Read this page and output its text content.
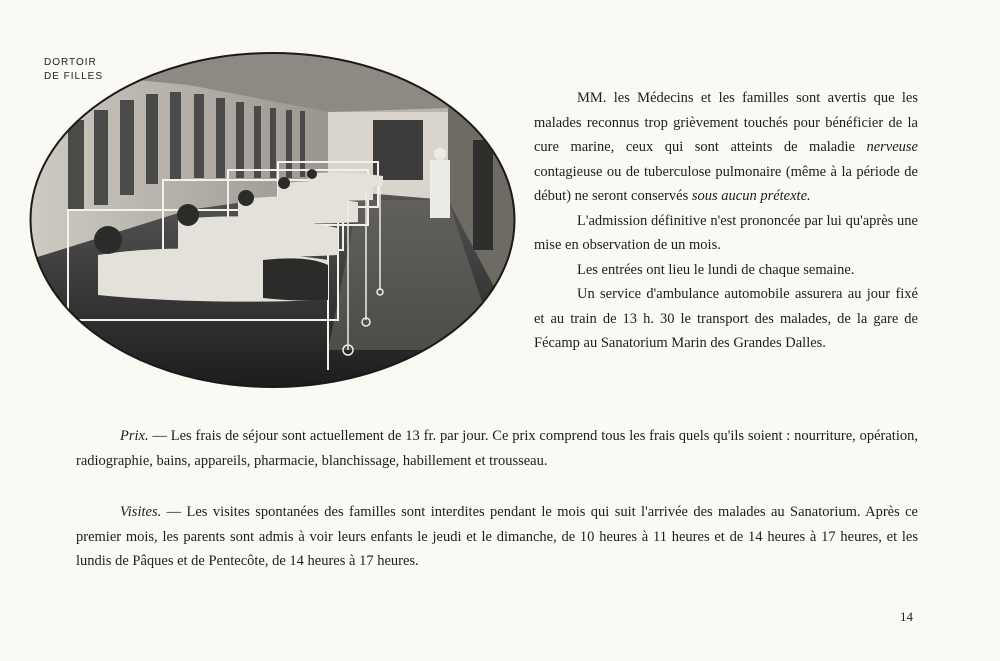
DORTOIR
DE FILLES

MM. les Médecins et les familles sont avertis que les malades reconnus trop grièvement touchés pour bénéficier de la cure marine, ceux qui sont atteints de maladie nerveuse contagieuse ou de tuberculose pulmonaire (même à la période de début) ne seront conservés sous aucun prétexte.

L'admission définitive n'est prononcée par lui qu'après une mise en observation de un mois.

Les entrées ont lieu le lundi de chaque semaine.

Un service d'ambulance automobile assurera au jour fixé et au train de 13 h. 30 le transport des malades, de la gare de Fécamp au Sanatorium Marin des Grandes Dalles.

Prix. — Les frais de séjour sont actuellement de 13 fr. par jour. Ce prix comprend tous les frais quels qu'ils soient : nourriture, opération, radiographie, bains, appareils, pharmacie, blanchissage, habillement et trousseau.
Visites. — Les visites spontanées des familles sont interdites pendant le mois qui suit l'arrivée des malades au Sanatorium. Après ce premier mois, les parents sont admis à voir leurs enfants le jeudi et le dimanche, de 10 heures à 11 heures et de 14 heures à 17 heures, et les lundis de Pâques et de Pentecôte, de 14 heures à 17 heures.
14
